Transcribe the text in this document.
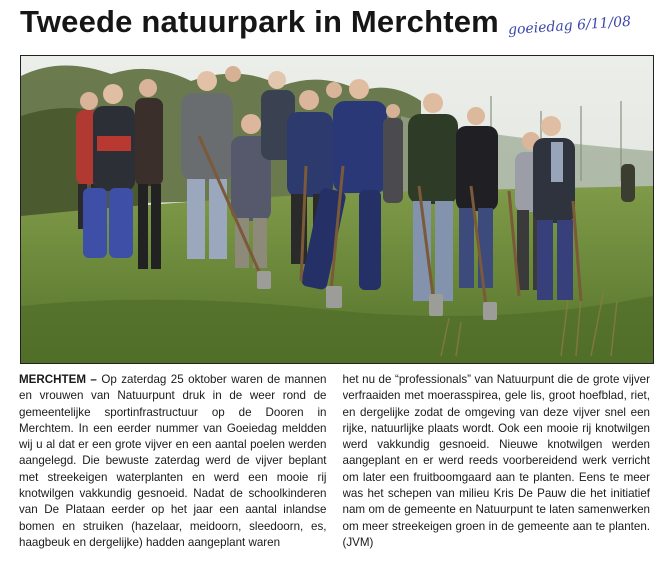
Tweede natuurpark in Merchtem goeiedag 6/11/08
MERCHTEM – Op zaterdag 25 oktober waren de mannen en vrouwen van Natuurpunt druk in de weer rond de gemeentelijke sportinfrastructuur op de Dooren in Merchtem. In een eerder nummer van Goeiedag meldden wij u al dat er een grote vijver en een aantal poelen werden aangelegd. Die bewuste zaterdag werd de vijver beplant met streekeigen waterplanten en werd een mooie rij knotwilgen vakkundig gesnoeid. Nadat de schoolkinderen van De Plataan eerder op het jaar een aantal inlandse bomen en struiken (hazelaar, meidoorn, sleedoorn, es, haagbeuk en dergelijke) hadden aangeplant waren
het nu de “professionals” van Natuurpunt die de grote vijver verfraaiden met moerasspirea, gele lis, groot hoefblad, riet, en dergelijke zodat de omgeving van deze vijver snel een rijke, natuurlijke plaats wordt. Ook een mooie rij knotwilgen werd vakkundig gesnoeid. Nieuwe knotwilgen werden aangeplant en er werd reeds voorbereidend werk verricht om later een fruitboomgaard aan te planten. Eens te meer was het schepen van milieu Kris De Pauw die het initiatief nam om de gemeente en Natuurpunt te laten samenwerken om meer streekeigen groen in de gemeente aan te planten. (JVM)
